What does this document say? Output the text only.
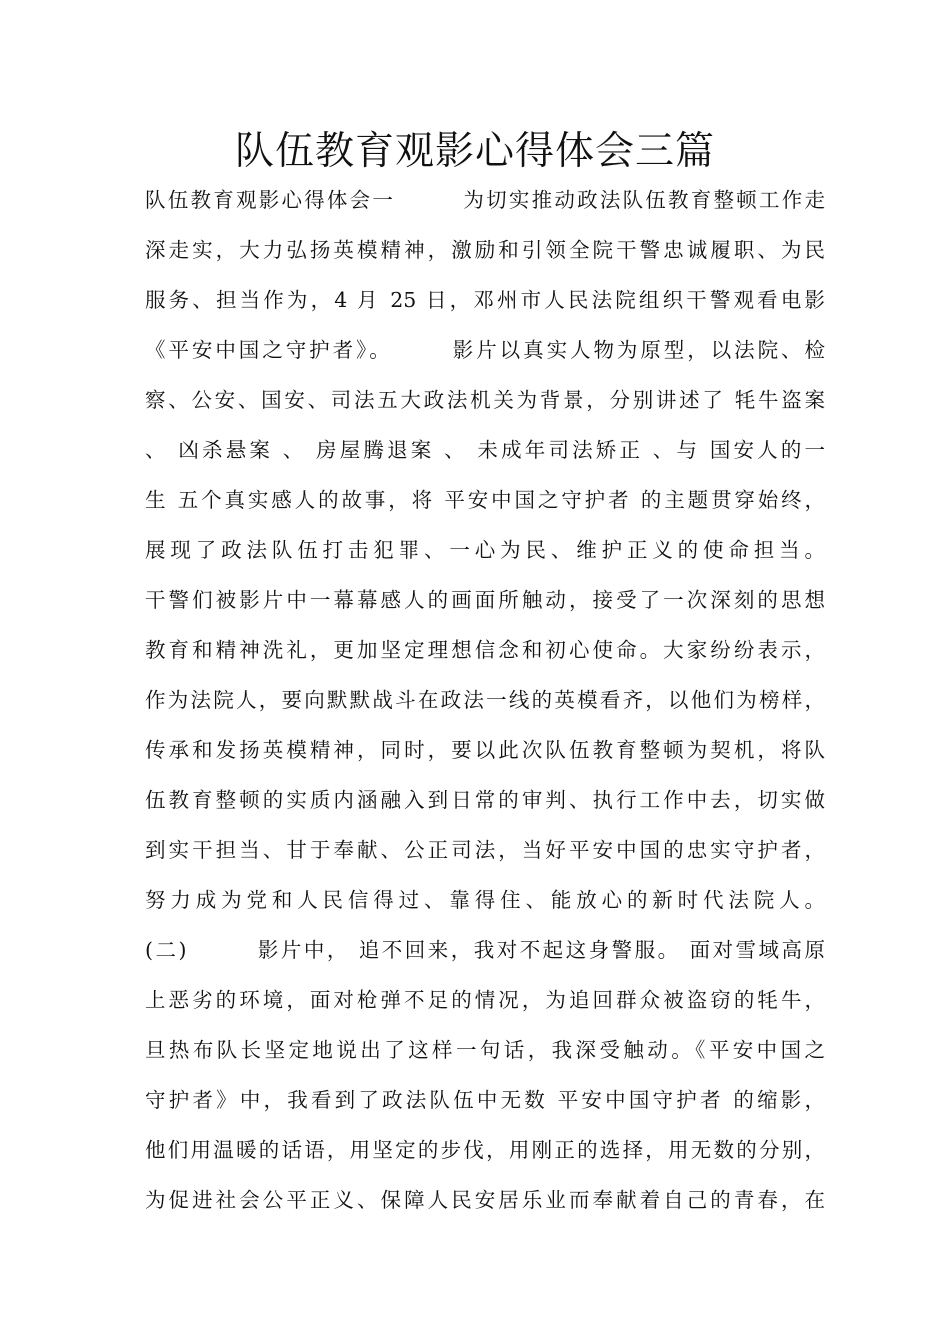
队伍教育观影心得体会三篇
队伍教育观影心得体会一　　　为切实推动政法队伍教育整顿工作走
深走实，大力弘扬英模精神，激励和引领全院干警忠诚履职、为民
服务、担当作为，4 月 25 日，邓州市人民法院组织干警观看电影
《平安中国之守护者》。　　　影片以真实人物为原型，以法院、检
察、公安、国安、司法五大政法机关为背景，分别讲述了 牦牛盗案
、 凶杀悬案 、 房屋腾退案 、 未成年司法矫正 、与 国安人的一
生 五个真实感人的故事，将 平安中国之守护者 的主题贯穿始终，
展现了政法队伍打击犯罪、一心为民、维护正义的使命担当。
干警们被影片中一幕幕感人的画面所触动，接受了一次深刻的思想
教育和精神洗礼，更加坚定理想信念和初心使命。大家纷纷表示，
作为法院人，要向默默战斗在政法一线的英模看齐，以他们为榜样，
传承和发扬英模精神，同时，要以此次队伍教育整顿为契机，将队
伍教育整顿的实质内涵融入到日常的审判、执行工作中去，切实做
到实干担当、甘于奉献、公正司法，当好平安中国的忠实守护者，
努力成为党和人民信得过、靠得住、能放心的新时代法院人。
(二)　　　影片中， 追不回来，我对不起这身警服。 面对雪域高原
上恶劣的环境，面对枪弹不足的情况，为追回群众被盗窃的牦牛，
旦热布队长坚定地说出了这样一句话，我深受触动。《平安中国之
守护者》中，我看到了政法队伍中无数 平安中国守护者 的缩影，
他们用温暖的话语，用坚定的步伐，用刚正的选择，用无数的分别，
为促进社会公平正义、保障人民安居乐业而奉献着自己的青春，在
